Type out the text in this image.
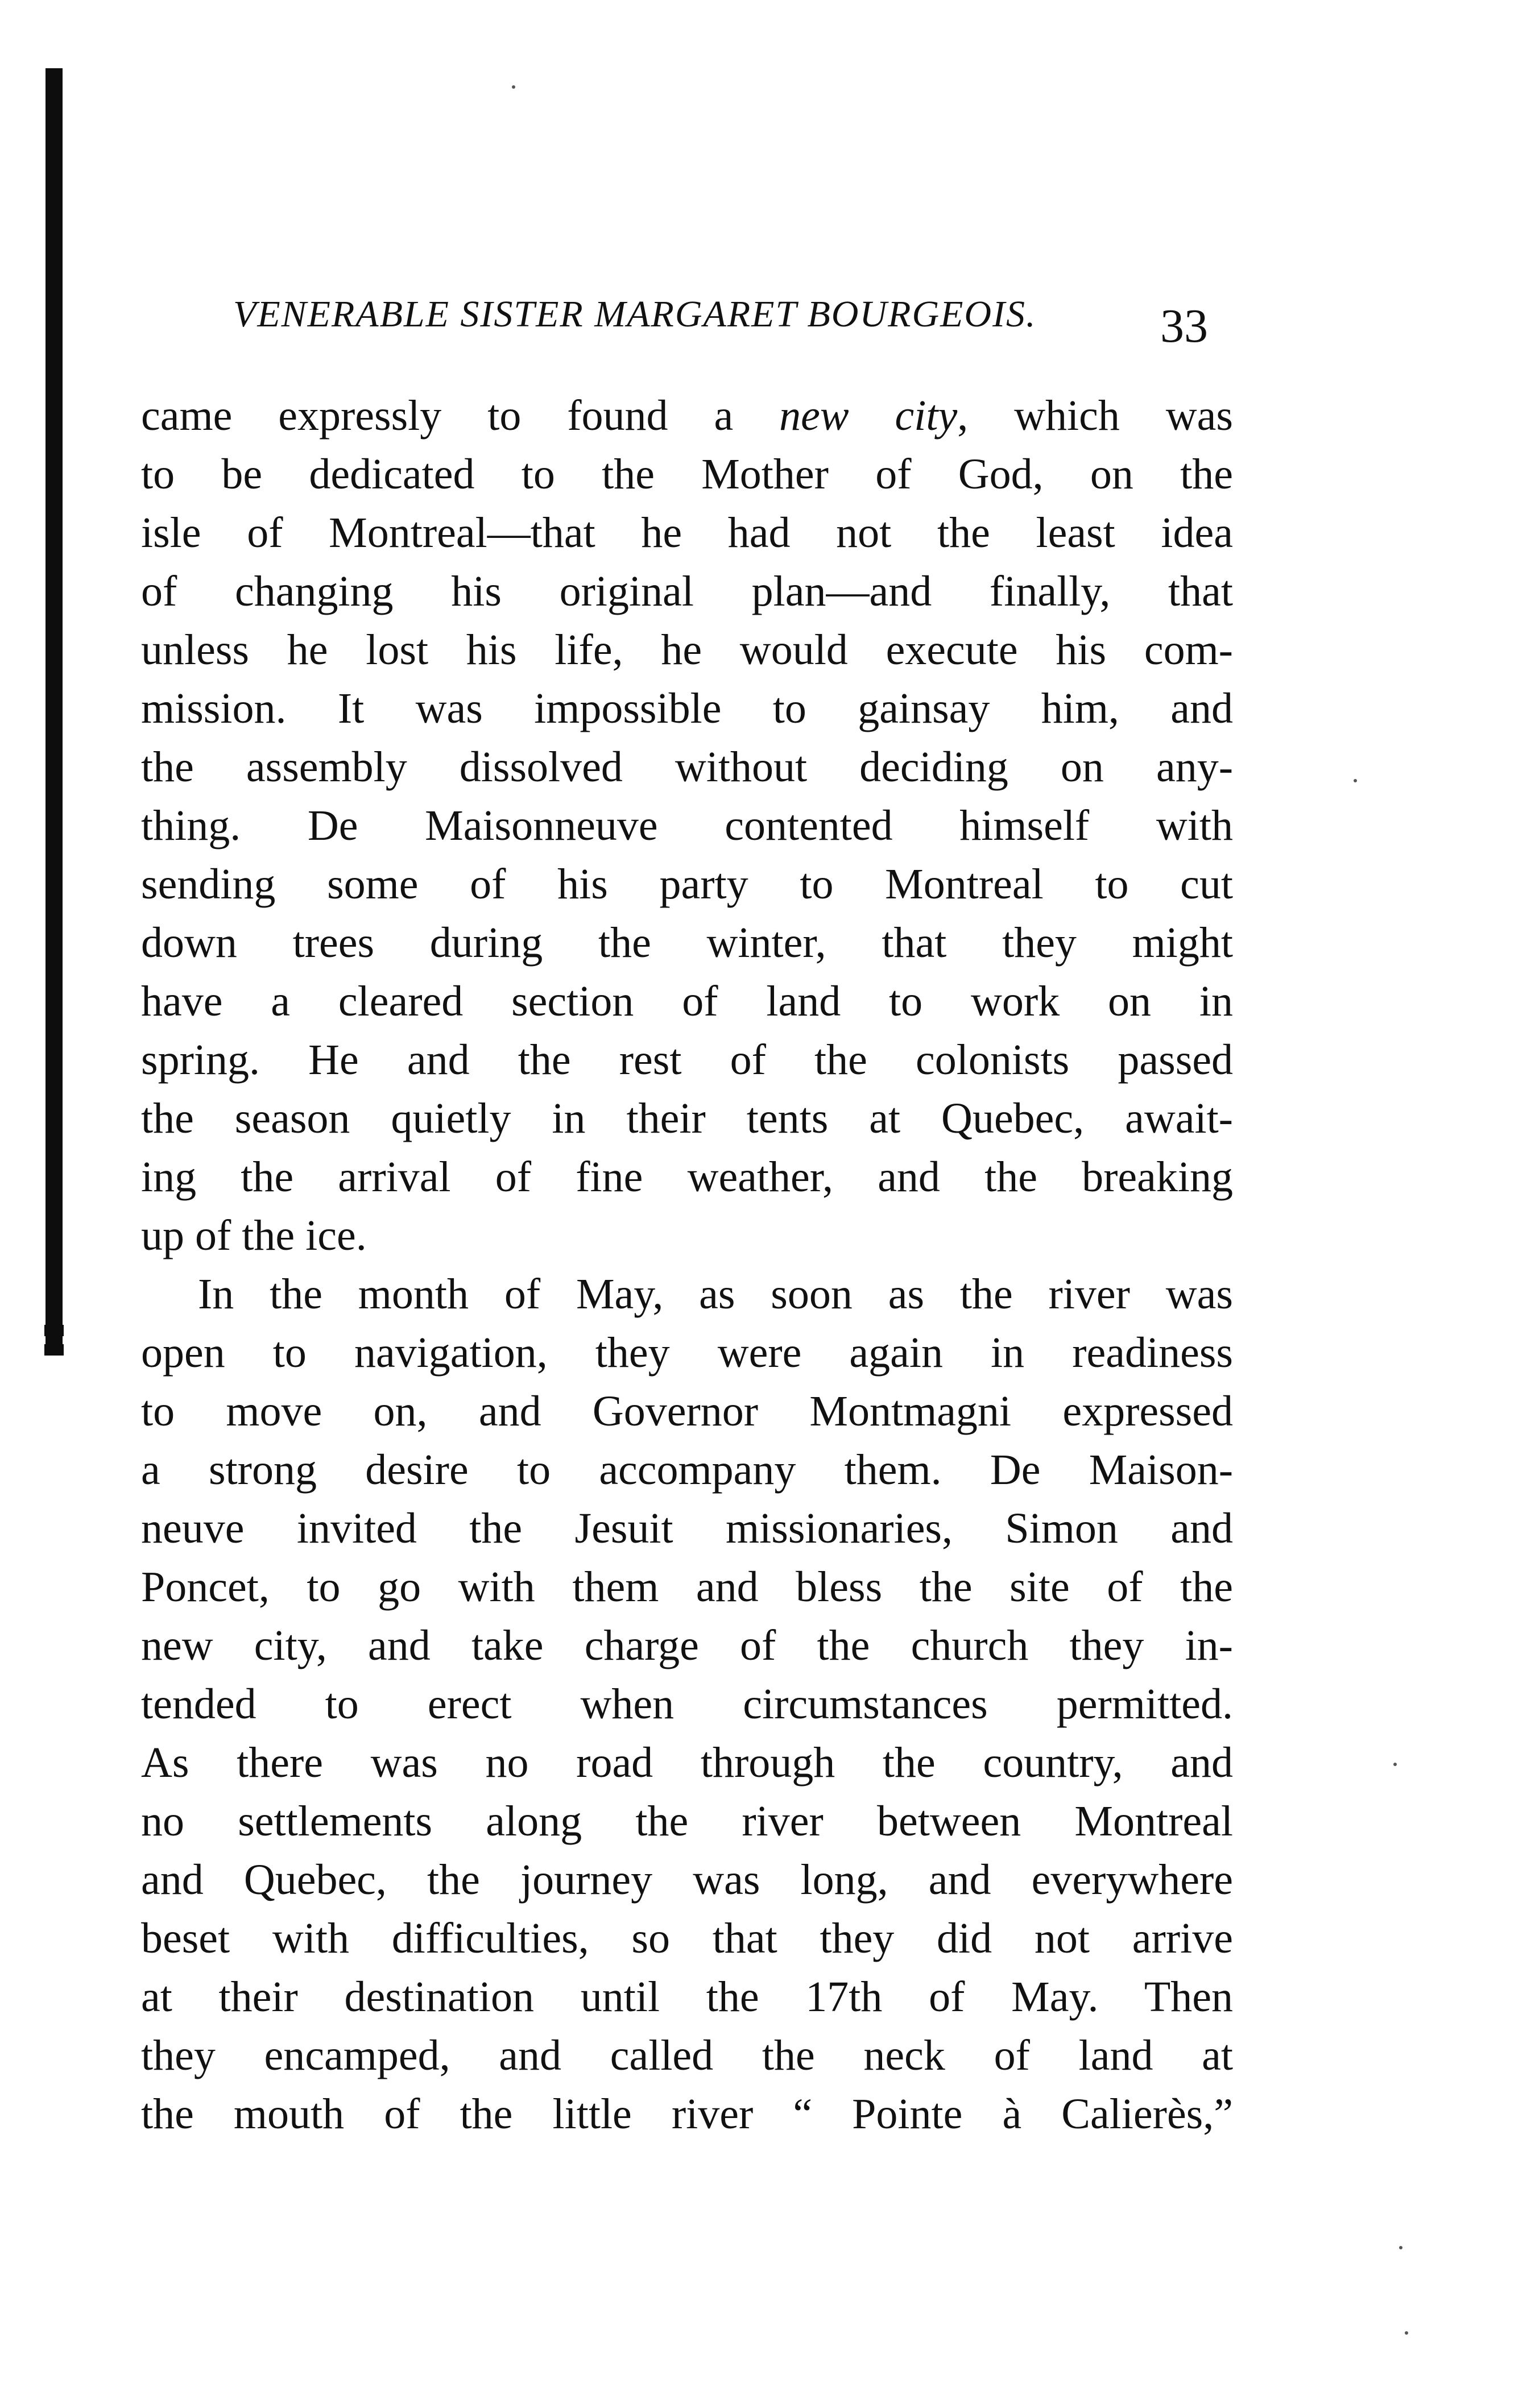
VENERABLE SISTER MARGARET BOURGEOIS.	33
came expressly to found a new city, which was
to be dedicated to the Mother of God, on the
isle of Montreal—that he had not the least idea
of changing his original plan—and finally, that
unless he lost his life, he would execute his com-
mission. It was impossible to gainsay him, and
the assembly dissolved without deciding on any-
thing. De Maisonneuve contented himself with
sending some of his party to Montreal to cut
down trees during the winter, that they might
have a cleared section of land to work on in
spring. He and the rest of the colonists passed
the season quietly in their tents at Quebec, await-
ing the arrival of fine weather, and the breaking
up of the ice.
In the month of May, as soon as the river was
open to navigation, they were again in readiness
to move on, and Governor Montmagni expressed
a strong desire to accompany them. De Maison-
neuve invited the Jesuit missionaries, Simon and
Poncet, to go with them and bless the site of the
new city, and take charge of the church they in-
tended to erect when circumstances permitted.
As there was no road through the country, and
no settlements along the river between Montreal
and Quebec, the journey was long, and everywhere
beset with difficulties, so that they did not arrive
at their destination until the 17th of May. Then
they encamped, and called the neck of land at
the mouth of the little river “ Pointe à Calierès,”
